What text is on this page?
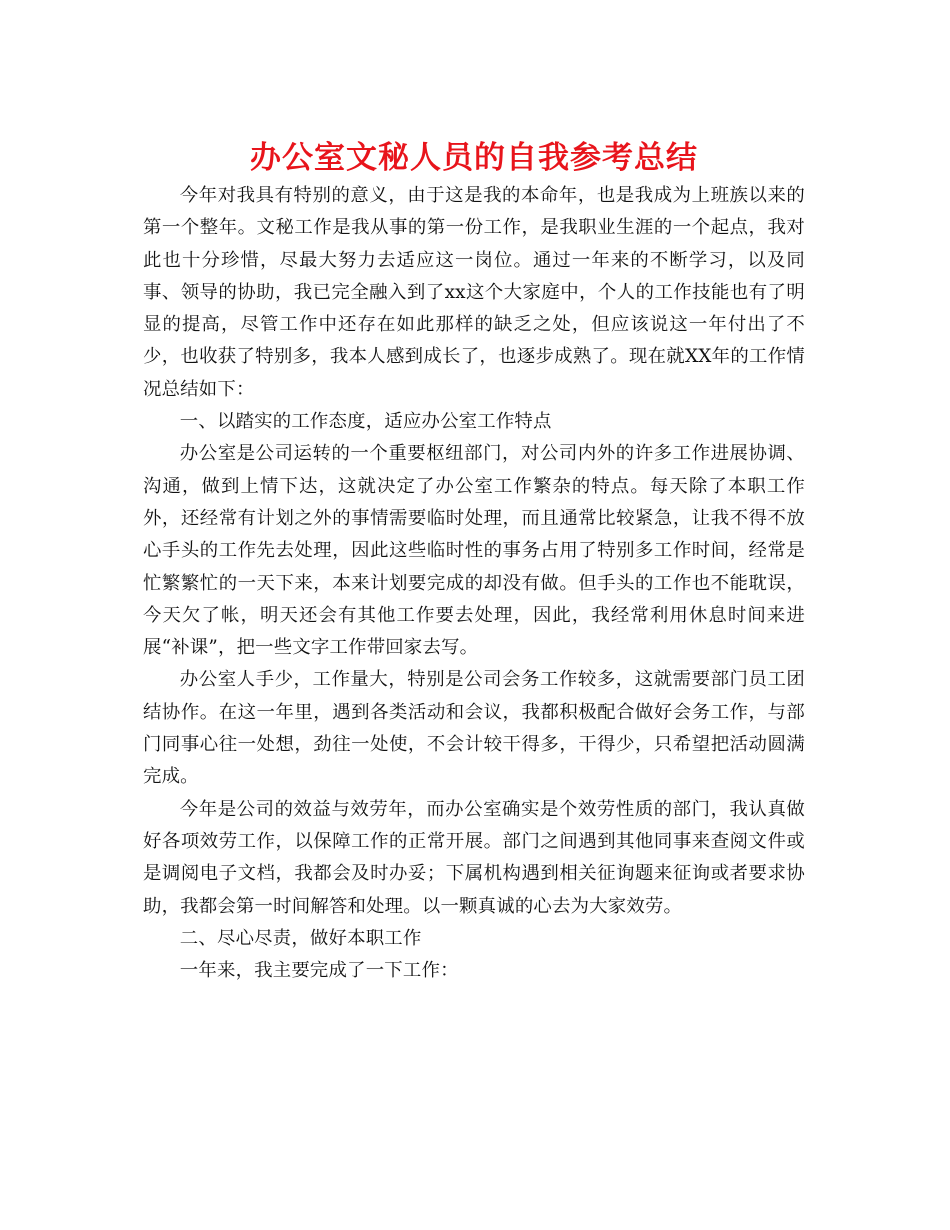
办公室文秘人员的自我参考总结

今年对我具有特别的意义，由于这是我的本命年，也是我成为上班族以来的第一个整年。文秘工作是我从事的第一份工作，是我职业生涯的一个起点，我对此也十分珍惜，尽最大努力去适应这一岗位。通过一年来的不断学习，以及同事、领导的协助，我已完全融入到了xx这个大家庭中，个人的工作技能也有了明显的提高，尽管工作中还存在如此那样的缺乏之处，但应该说这一年付出了不少，也收获了特别多，我本人感到成长了，也逐步成熟了。现在就XX年的工作情况总结如下：

一、以踏实的工作态度，适应办公室工作特点

办公室是公司运转的一个重要枢纽部门，对公司内外的许多工作进展协调、沟通，做到上情下达，这就决定了办公室工作繁杂的特点。每天除了本职工作外，还经常有计划之外的事情需要临时处理，而且通常比较紧急，让我不得不放心手头的工作先去处理，因此这些临时性的事务占用了特别多工作时间，经常是忙繁繁忙的一天下来，本来计划要完成的却没有做。但手头的工作也不能耽误，今天欠了帐，明天还会有其他工作要去处理，因此，我经常利用休息时间来进展“补课”，把一些文字工作带回家去写。

办公室人手少，工作量大，特别是公司会务工作较多，这就需要部门员工团结协作。在这一年里，遇到各类活动和会议，我都积极配合做好会务工作，与部门同事心往一处想，劲往一处使，不会计较干得多，干得少，只希望把活动圆满完成。

今年是公司的效益与效劳年，而办公室确实是个效劳性质的部门，我认真做好各项效劳工作，以保障工作的正常开展。部门之间遇到其他同事来查阅文件或是调阅电子文档，我都会及时办妥；下属机构遇到相关征询题来征询或者要求协助，我都会第一时间解答和处理。以一颗真诚的心去为大家效劳。

二、尽心尽责，做好本职工作

一年来，我主要完成了一下工作：
